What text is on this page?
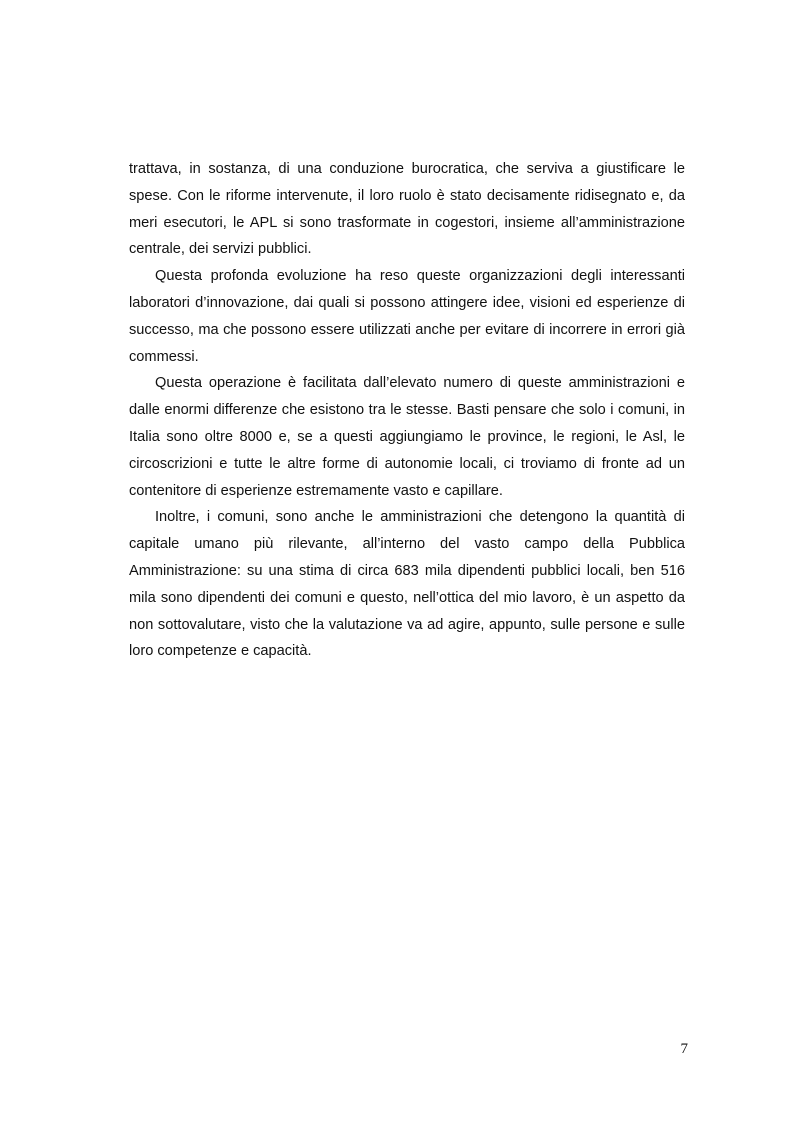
trattava, in sostanza, di una conduzione burocratica, che serviva a giustificare le spese. Con le riforme intervenute, il loro ruolo è stato decisamente ridisegnato e, da meri esecutori, le APL si sono trasformate in cogestori, insieme all’amministrazione centrale, dei servizi pubblici.

Questa profonda evoluzione ha reso queste organizzazioni degli interessanti laboratori d’innovazione, dai quali si possono attingere idee, visioni ed esperienze di successo, ma che possono essere utilizzati anche per evitare di incorrere in errori già commessi.

Questa operazione è facilitata dall’elevato numero di queste amministrazioni e dalle enormi differenze che esistono tra le stesse. Basti pensare che solo i comuni, in Italia sono oltre 8000 e, se a questi aggiungiamo le province, le regioni, le Asl, le circoscrizioni e tutte le altre forme di autonomie locali, ci troviamo di fronte ad un contenitore di esperienze estremamente vasto e capillare.

Inoltre, i comuni, sono anche le amministrazioni che detengono la quantità di capitale umano più rilevante, all’interno del vasto campo della Pubblica Amministrazione: su una stima di circa 683 mila dipendenti pubblici locali, ben 516 mila sono dipendenti dei comuni e questo, nell’ottica del mio lavoro, è un aspetto da non sottovalutare, visto che la valutazione va ad agire, appunto, sulle persone e sulle loro competenze e capacità.

7
